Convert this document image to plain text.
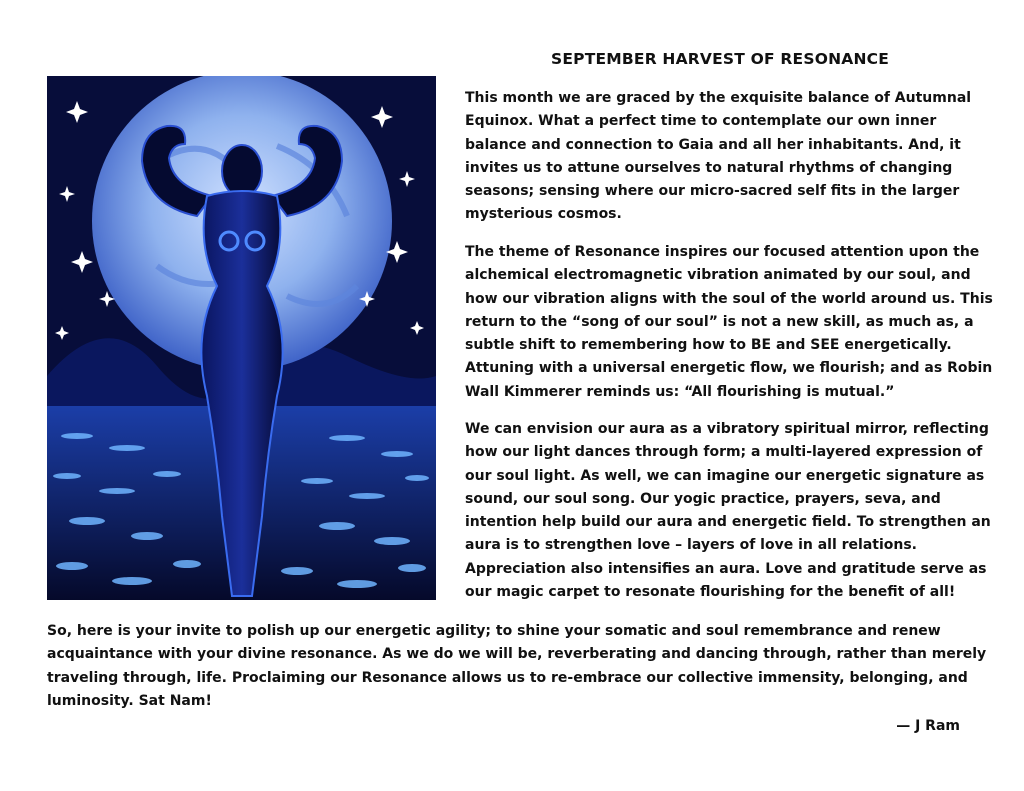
SEPTEMBER HARVEST OF RESONANCE

This month we are graced by the exquisite balance of Autumnal Equinox. What a perfect time to contemplate our own inner balance and connection to Gaia and all her inhabitants. And, it invites us to attune ourselves to natural rhythms of changing seasons; sensing where our micro-sacred self fits in the larger mysterious cosmos.

The theme of Resonance inspires our focused attention upon the alchemical electromagnetic vibration animated by our soul, and how our vibration aligns with the soul of the world around us. This return to the “song of our soul” is not a new skill, as much as, a subtle shift to remembering how to BE and SEE energetically. Attuning with a universal energetic flow, we flourish; and as Robin Wall Kimmerer reminds us: “All flourishing is mutual.”

We can envision our aura as a vibratory spiritual mirror, reflecting how our light dances through form; a multi-layered expression of our soul light. As well, we can imagine our energetic signature as sound, our soul song. Our yogic practice, prayers, seva, and intention help build our aura and energetic field. To strengthen an aura is to strengthen love – layers of love in all relations. Appreciation also intensifies an aura. Love and gratitude serve as our magic carpet to resonate flourishing for the benefit of all!

So, here is your invite to polish up our energetic agility; to shine your somatic and soul remembrance and renew acquaintance with your divine resonance. As we do we will be, reverberating and dancing through, rather than merely traveling through, life. Proclaiming our Resonance allows us to re-embrace our collective immensity, belonging, and luminosity. Sat Nam!

— J Ram
